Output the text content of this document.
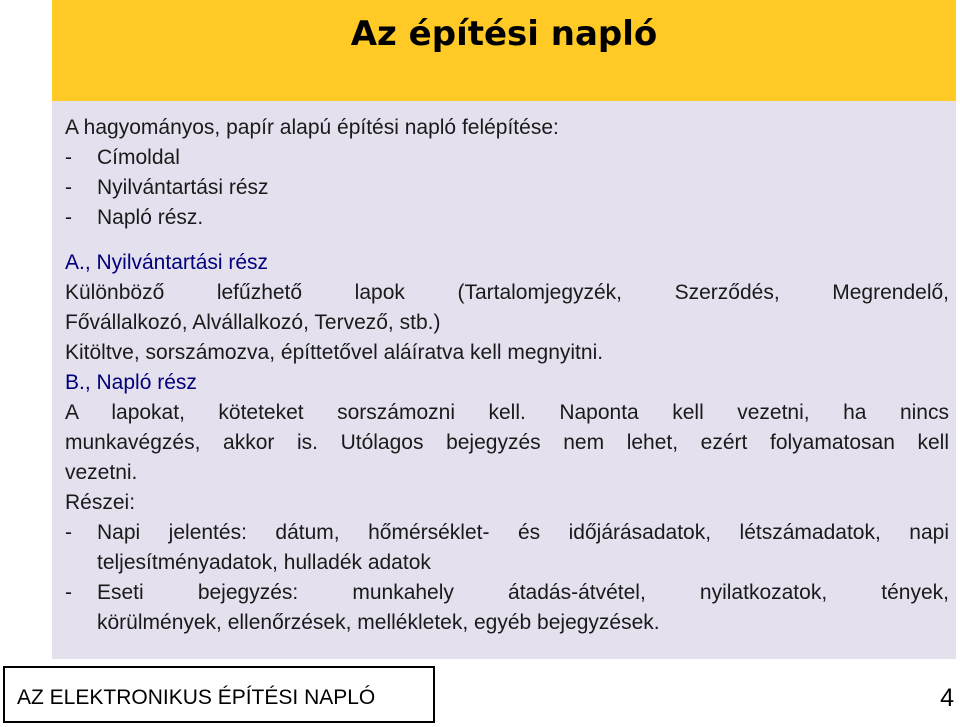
Az építési napló
A hagyományos, papír alapú építési napló felépítése:
-	Címoldal
-	Nyilvántartási rész
-	Napló rész.
A., Nyilvántartási rész
Különböző lefűzhető lapok (Tartalomjegyzék, Szerződés, Megrendelő,
Fővállalkozó, Alvállalkozó, Tervező, stb.)
Kitöltve, sorszámozva, építtetővel aláíratva kell megnyitni.
B., Napló rész
A lapokat, köteteket sorszámozni kell. Naponta kell vezetni, ha nincs
munkavégzés, akkor is. Utólagos bejegyzés nem lehet, ezért folyamatosan kell
vezetni.
Részei:
-	Napi jelentés: dátum, hőmérséklet- és időjárásadatok, létszámadatok, napi
teljesítményadatok, hulladék adatok
-	Eseti bejegyzés: munkahely átadás-átvétel, nyilatkozatok, tények,
körülmények, ellenőrzések, mellékletek, egyéb bejegyzések.
AZ ELEKTRONIKUS ÉPÍTÉSI NAPLÓ	4
